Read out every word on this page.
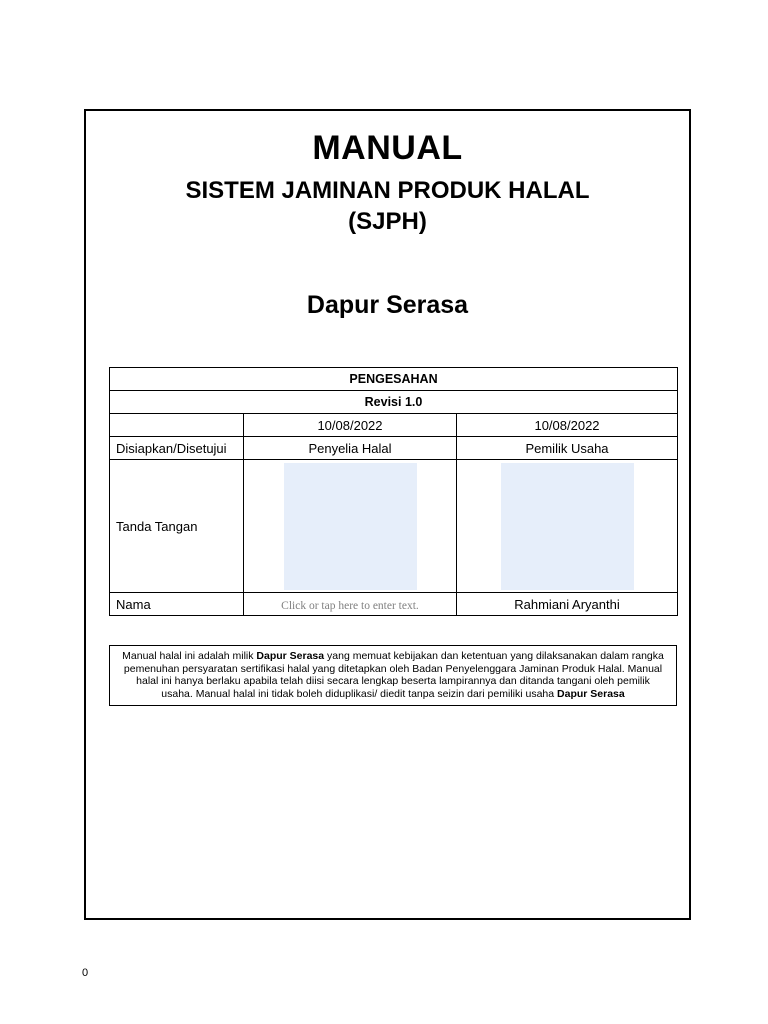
MANUAL
SISTEM JAMINAN PRODUK HALAL
(SJPH)
Dapur Serasa
PENGESAHAN		
Revisi 1.0		
	10/08/2022	10/08/2022
Disiapkan/Disetujui	Penyelia Halal	Pemilik Usaha
Tanda Tangan	

Nama	Click or tap here to enter text.	Rahmiani Aryanthi
Manual halal ini adalah milik Dapur Serasa yang memuat kebijakan dan ketentuan yang dilaksanakan dalam rangka pemenuhan persyaratan sertifikasi halal yang ditetapkan oleh Badan Penyelenggara Jaminan Produk Halal. Manual halal ini hanya berlaku apabila telah diisi secara lengkap beserta lampirannya dan ditanda tangani oleh pemilik usaha. Manual halal ini tidak boleh diduplikasi/ diedit tanpa seizin dari pemiliki usaha Dapur Serasa
0
